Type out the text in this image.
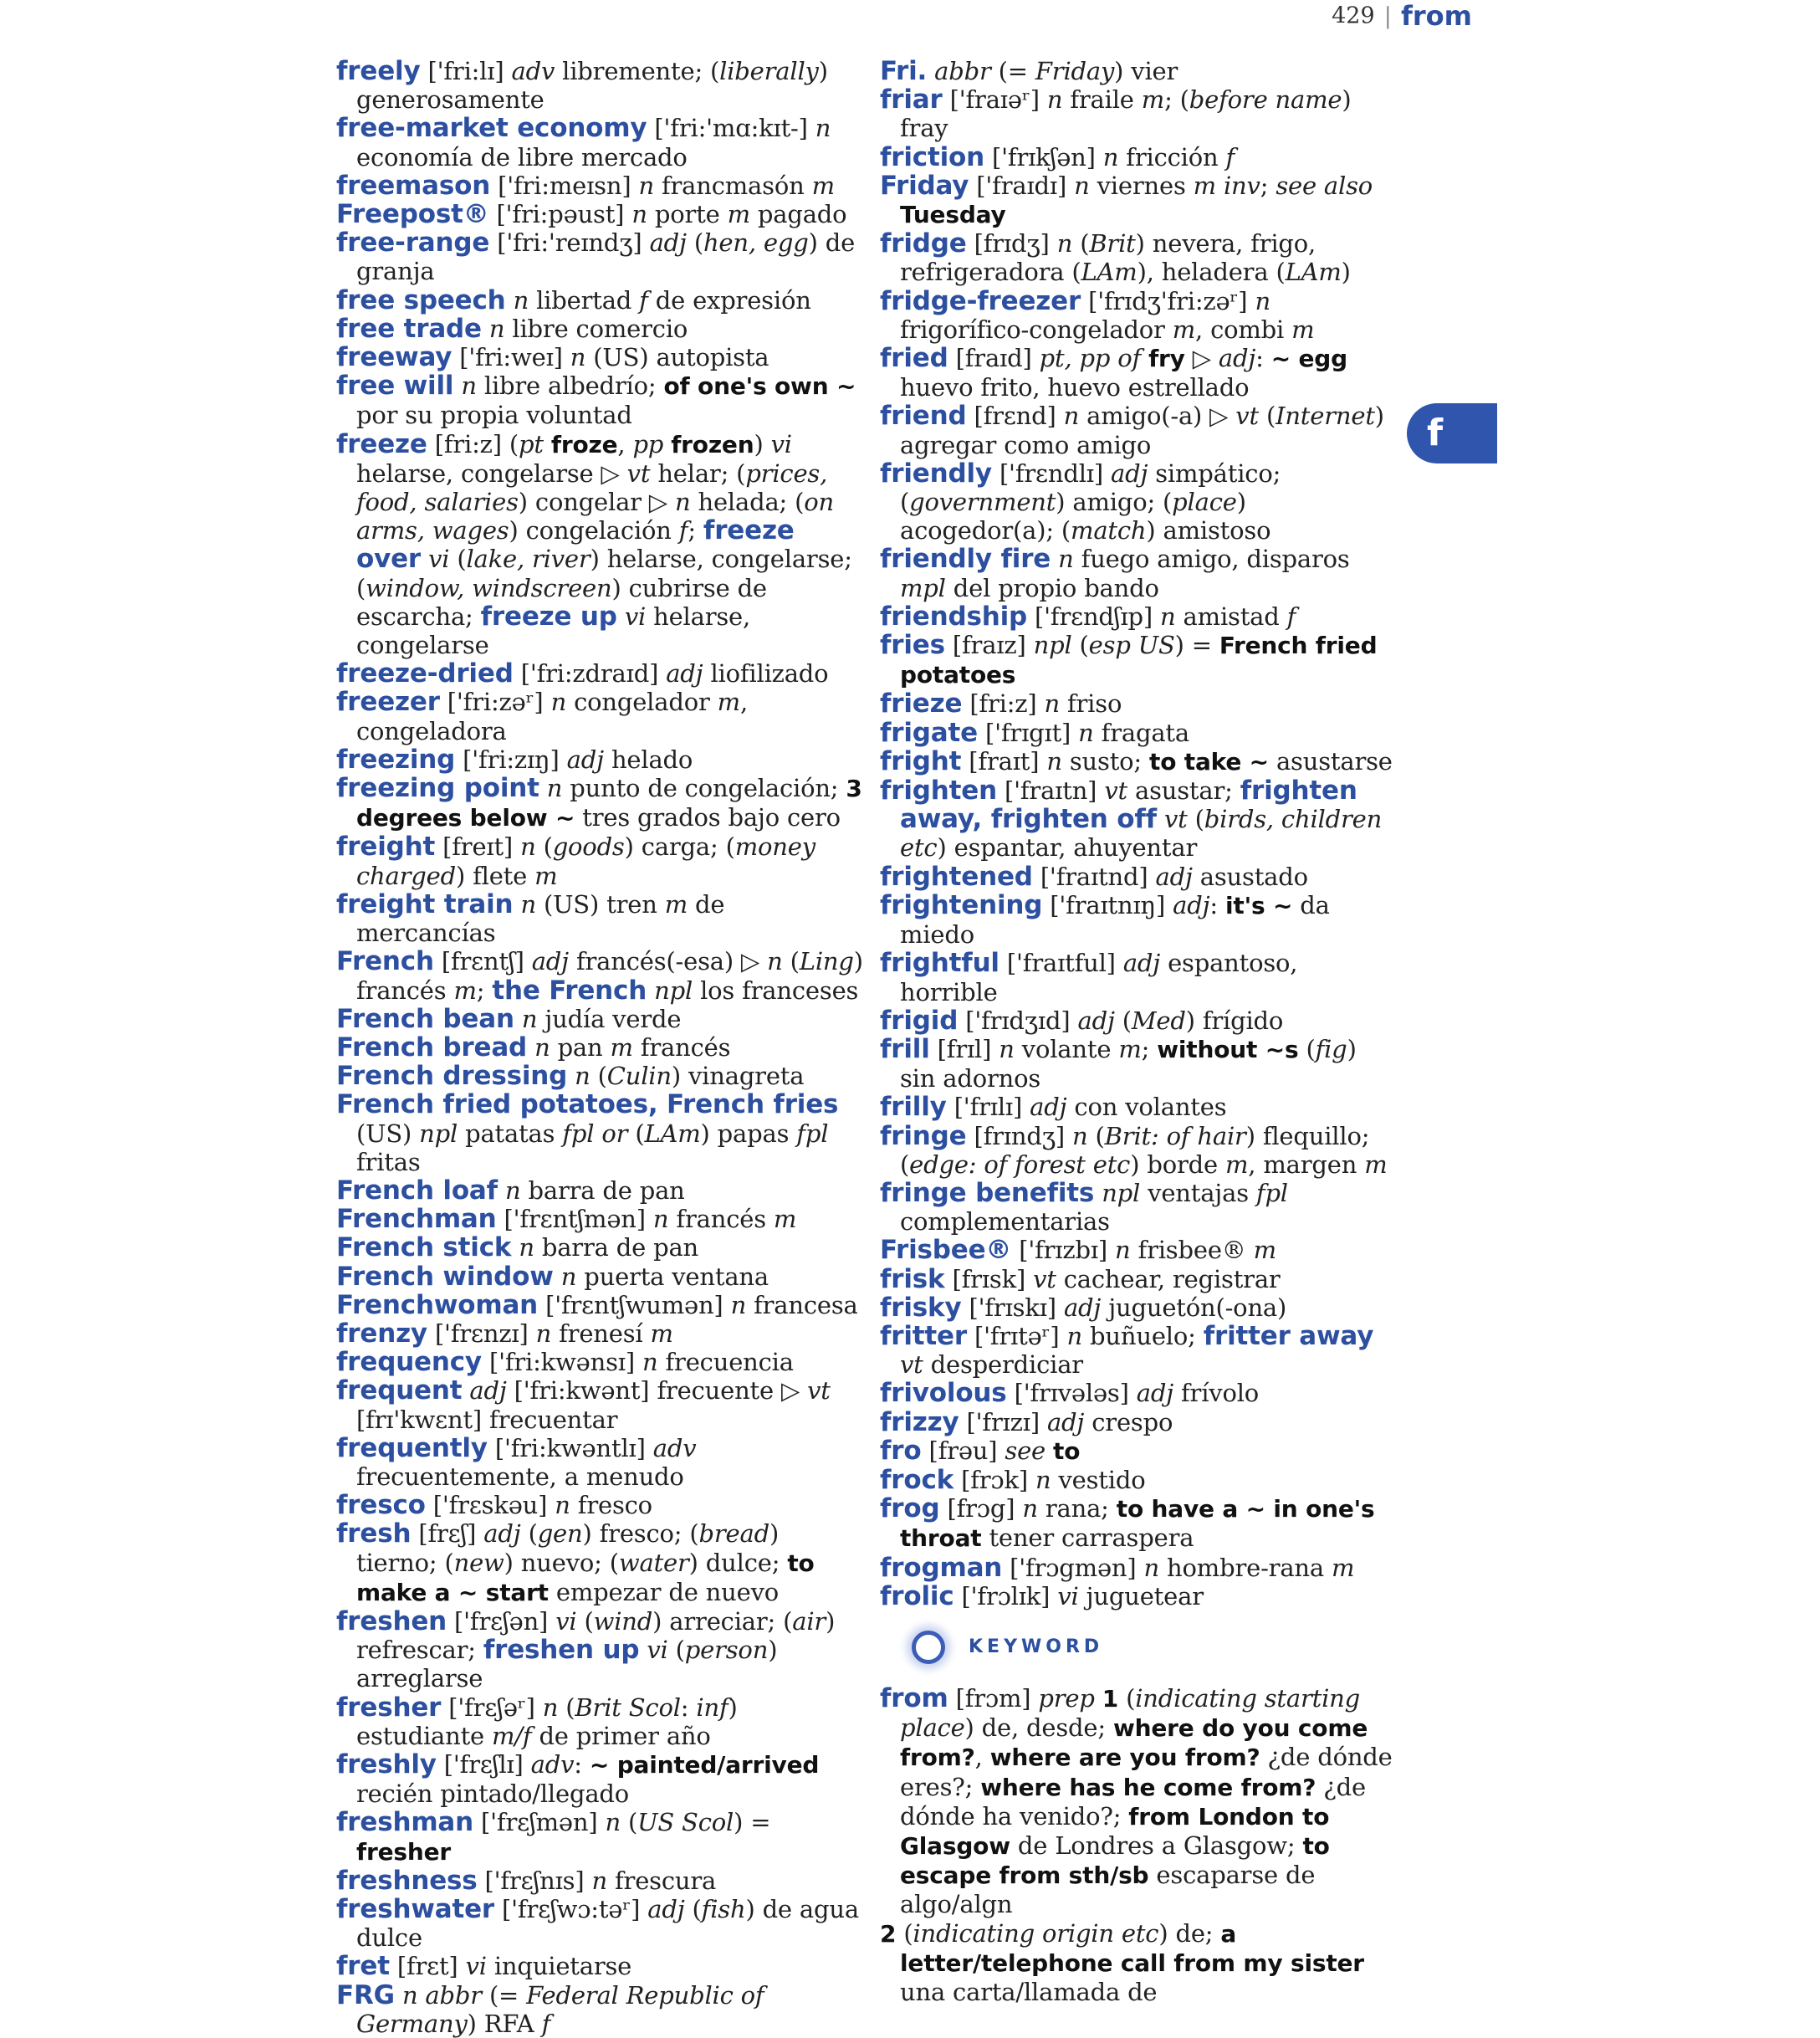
429 | from
freely ['fri:lɪ] adv libremente; (liberally) generosamente
free-market economy ['fri:'mɑ:kɪt-] n economía de libre mercado
freemason ['fri:meɪsn] n francmasón m
Freepost® ['fri:pəust] n porte m pagado
free-range ['fri:'reɪndʒ] adj (hen, egg) de granja
free speech n libertad f de expresión
free trade n libre comercio
freeway ['fri:weɪ] n (US) autopista
free will n libre albedrío; of one's own ~ por su propia voluntad
freeze [fri:z] (pt froze, pp frozen) vi helarse, congelarse ▷ vt helar; (prices, food, salaries) congelar ▷ n helada; (on arms, wages) congelación f; freeze over vi (lake, river) helarse, congelarse; (window, windscreen) cubrirse de escarcha; freeze up vi helarse, congelarse
freeze-dried ['fri:zdraɪd] adj liofilizado
freezer ['fri:zəʳ] n congelador m, congeladora
freezing ['fri:zɪŋ] adj helado
freezing point n punto de congelación; 3 degrees below ~ tres grados bajo cero
freight [freɪt] n (goods) carga; (money charged) flete m
freight train n (US) tren m de mercancías
French [frɛntʃ] adj francés(-esa) ▷ n (Ling) francés m; the French npl los franceses
French bean n judía verde
French bread n pan m francés
French dressing n (Culin) vinagreta
French fried potatoes, French fries (US) npl patatas fpl or (LAm) papas fpl fritas
French loaf n barra de pan
Frenchman ['frɛntʃmən] n francés m
French stick n barra de pan
French window n puerta ventana
Frenchwoman ['frɛntʃwumən] n francesa
frenzy ['frɛnzɪ] n frenesí m
frequency ['fri:kwənsɪ] n frecuencia
frequent adj ['fri:kwənt] frecuente ▷ vt [frɪ'kwɛnt] frecuentar
frequently ['fri:kwəntlɪ] adv frecuentemente, a menudo
fresco ['frɛskəu] n fresco
fresh [frɛʃ] adj (gen) fresco; (bread) tierno; (new) nuevo; (water) dulce; to make a ~ start empezar de nuevo
freshen ['frɛʃən] vi (wind) arreciar; (air) refrescar; freshen up vi (person) arreglarse
fresher ['frɛʃəʳ] n (Brit Scol: inf) estudiante m/f de primer año
freshly ['frɛʃlɪ] adv: ~ painted/arrived recién pintado/llegado
freshman ['frɛʃmən] n (US Scol) = fresher
freshness ['frɛʃnɪs] n frescura
freshwater ['frɛʃwɔ:təʳ] adj (fish) de agua dulce
fret [frɛt] vi inquietarse
FRG n abbr (= Federal Republic of Germany) RFA f
Fri. abbr (= Friday) vier
friar ['fraɪəʳ] n fraile m; (before name) fray
friction ['frɪkʃən] n fricción f
Friday ['fraɪdɪ] n viernes m inv; see also Tuesday
fridge [frɪdʒ] n (Brit) nevera, frigo, refrigeradora (LAm), heladera (LAm)
fridge-freezer ['frɪdʒ'fri:zəʳ] n frigorífico-congelador m, combi m
fried [fraɪd] pt, pp of fry ▷ adj: ~ egg huevo frito, huevo estrellado
friend [frɛnd] n amigo(-a) ▷ vt (Internet) agregar como amigo
friendly ['frɛndlɪ] adj simpático; (government) amigo; (place) acogedor(a); (match) amistoso
friendly fire n fuego amigo, disparos mpl del propio bando
friendship ['frɛndʃɪp] n amistad f
fries [fraɪz] npl (esp US) = French fried potatoes
frieze [fri:z] n friso
frigate ['frɪgɪt] n fragata
fright [fraɪt] n susto; to take ~ asustarse
frighten ['fraɪtn] vt asustar; frighten away, frighten off vt (birds, children etc) espantar, ahuyentar
frightened ['fraɪtnd] adj asustado
frightening ['fraɪtnɪŋ] adj: it's ~ da miedo
frightful ['fraɪtful] adj espantoso, horrible
frigid ['frɪdʒɪd] adj (Med) frígido
frill [frɪl] n volante m; without ~s (fig) sin adornos
frilly ['frɪlɪ] adj con volantes
fringe [frɪndʒ] n (Brit: of hair) flequillo; (edge: of forest etc) borde m, margen m
fringe benefits npl ventajas fpl complementarias
Frisbee® ['frɪzbɪ] n frisbee® m
frisk [frɪsk] vt cachear, registrar
frisky ['frɪskɪ] adj juguetón(-ona)
fritter ['frɪtəʳ] n buñuelo; fritter away vt desperdiciar
frivolous ['frɪvələs] adj frívolo
frizzy ['frɪzɪ] adj crespo
fro [frəu] see to
frock [frɔk] n vestido
frog [frɔg] n rana; to have a ~ in one's throat tener carraspera
frogman ['frɔgmən] n hombre-rana m
frolic ['frɔlɪk] vi juguetear
KEYWORD
from [frɔm] prep 1 (indicating starting place) de, desde; where do you come from?, where are you from? ¿de dónde eres?; where has he come from? ¿de dónde ha venido?; from London to Glasgow de Londres a Glasgow; to escape from sth/sb escaparse de algo/algn
2 (indicating origin etc) de; a letter/telephone call from my sister una carta/llamada de
f
